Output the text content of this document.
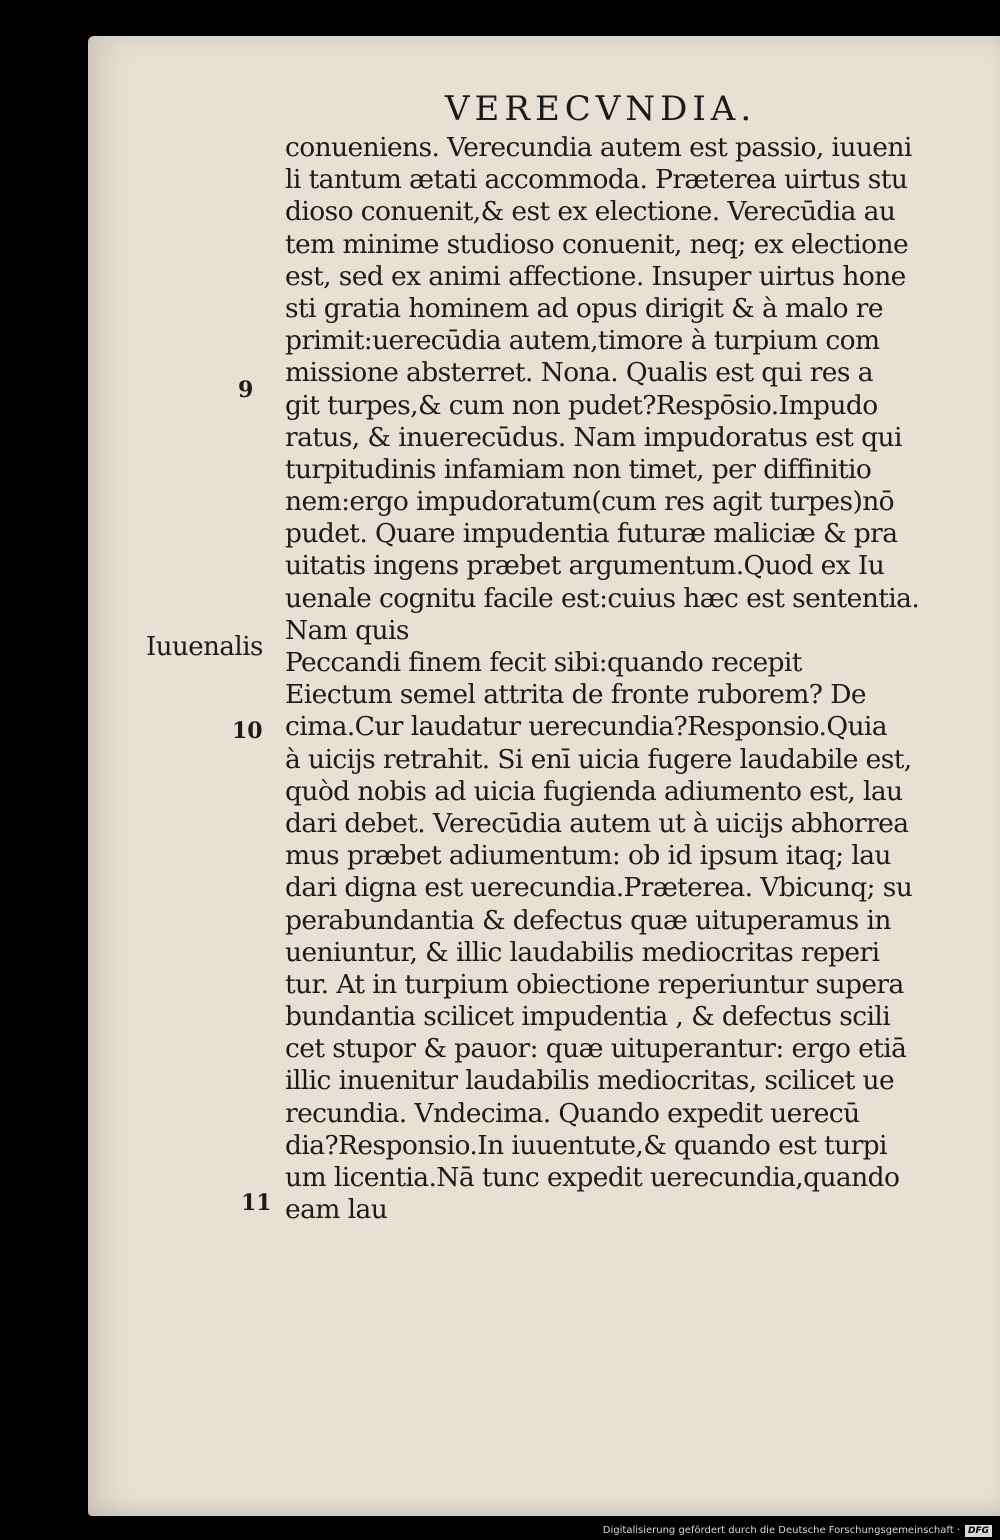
VERECVNDIA.
conueniens. Verecundia autem est passio, iuueni
li tantum ætati accommoda. Præterea uirtus stu
dioso conuenit,& est ex electione. Verecūdia au
tem minime studioso conuenit, neq; ex electione
est, sed ex animi affectione. Insuper uirtus hone
sti gratia hominem ad opus dirigit & à malo re
primit:uerecūdia autem,timore à turpium com
missione absterret. Nona. Qualis est qui res a
git turpes,& cum non pudet?Respōsio.Impudo
ratus, & inuerecūdus. Nam impudoratus est qui
turpitudinis infamiam non timet, per diffinitio
nem:ergo impudoratum(cum res agit turpes)nō
pudet. Quare impudentia futuræ maliciæ & pra
uitatis ingens præbet argumentum.Quod ex Iu
uenale cognitu facile est:cuius hæc est sententia.
Nam quis
Peccandi finem fecit sibi:quando recepit
Eiectum semel attrita de fronte ruborem? De
cima.Cur laudatur uerecundia?Responsio.Quia
à uicijs retrahit. Si enī uicia fugere laudabile est,
quòd nobis ad uicia fugienda adiumento est, lau
dari debet. Verecūdia autem ut à uicijs abhorrea
mus præbet adiumentum: ob id ipsum itaq; lau
dari digna est uerecundia.Præterea. Vbicunq; su
perabundantia & defectus quæ uituperamus in
ueniuntur, & illic laudabilis mediocritas reperi
tur. At in turpium obiectione reperiuntur supera
bundantia scilicet impudentia , & defectus scili
cet stupor & pauor: quæ uituperantur: ergo etiā
illic inuenitur laudabilis mediocritas, scilicet ue
recundia. Vndecima. Quando expedit uerecū
dia?Responsio.In iuuentute,& quando est turpi
um licentia.Nā tunc expedit uerecundia,quando
eam lau
Iuuenalis
9
10
11
Digitalisierung gefördert durch die Deutsche Forschungsgemeinschaft · DFG
